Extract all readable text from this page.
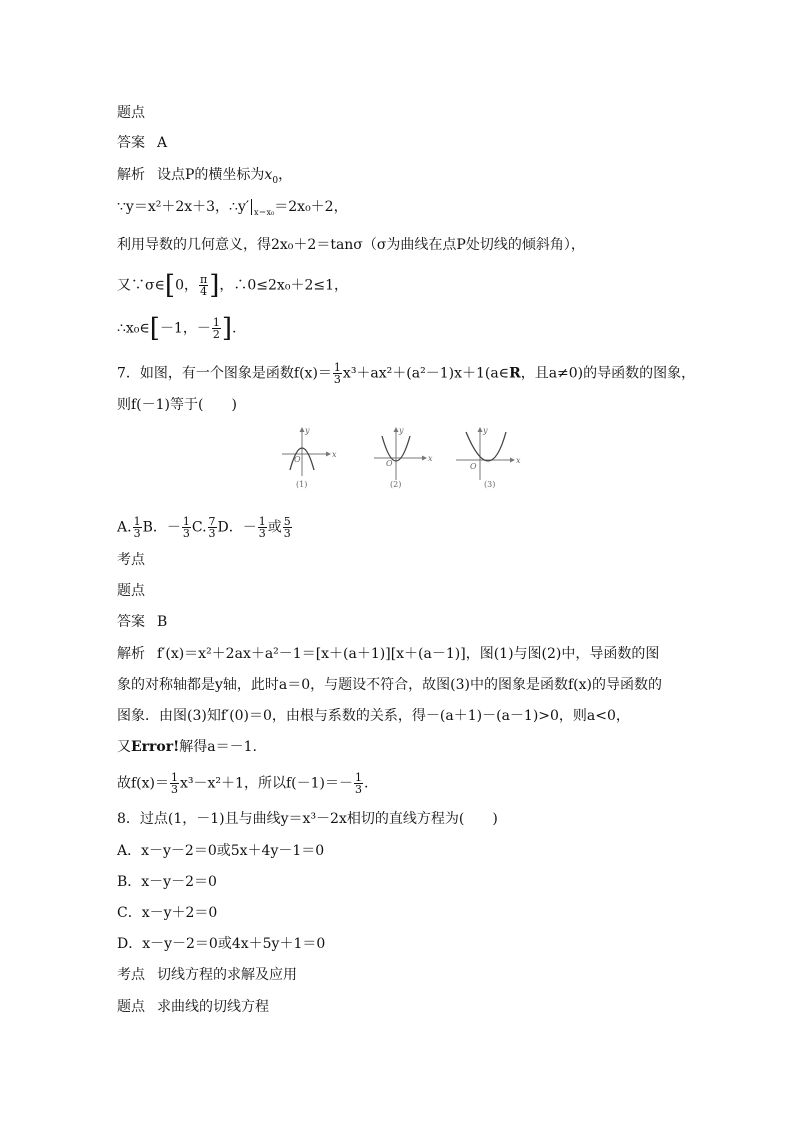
题点
答案 A
解析 设点P的横坐标为$x_0$，
∵y＝x²＋2x＋3，∴y′ $_{x=x_0}$＝2x₀＋2，
利用导数的几何意义，得2x₀＋2＝tanσ（σ为曲线在点P处切线的倾斜角），
又∵σ∈[0， $\frac{\pi}{4}$ ]，∴0≤2x₀＋2≤1，
∴x₀∈[－1，－ $\frac{1}{2}$ ].
7．如图，有一个图象是函数$f(x)= \frac{1}{3}$ x³＋ax²＋(a²－1)x＋1(a∈R，且a≠0)的导函数的图象，
则f(－1)等于(　　)
x
y
O
(1)
x
y
O
(2)
x
y
O
(3)
A. $\frac{1}{3}$ B．－ $\frac{1}{3} C$. $\frac{7}{3}$ D．－ $\frac{1}{3}$ 或 $\frac{5}{3}$
考点
题点
答案 B
解析 f′(x)＝x²＋2ax＋a²－1＝[x＋(a＋1)][x＋(a－1)]，图(1)与图(2)中，导函数的图
象的对称轴都是y轴，此时a＝0，与题设不符合，故图(3)中的图象是函数f(x)的导函数的
图象．由图(3)知f′(0)＝0，由根与系数的关系，得－(a＋1)－(a－1)>0，则a<0，
又Error!解得a＝－1.
故$f(x)= \frac{1}{3} x^3-x^2+1$，所以$f(-1)=- \frac{1}{3}$ .
8．过点(1，－1)且与曲线y＝x³－2x相切的直线方程为(　　)
A．x－y－2＝0或5x＋4y－1＝0
B．x－y－2＝0
C．x－y＋2＝0
D．x－y－2＝0或4x＋5y＋1＝0
考点 切线方程的求解及应用
题点 求曲线的切线方程
